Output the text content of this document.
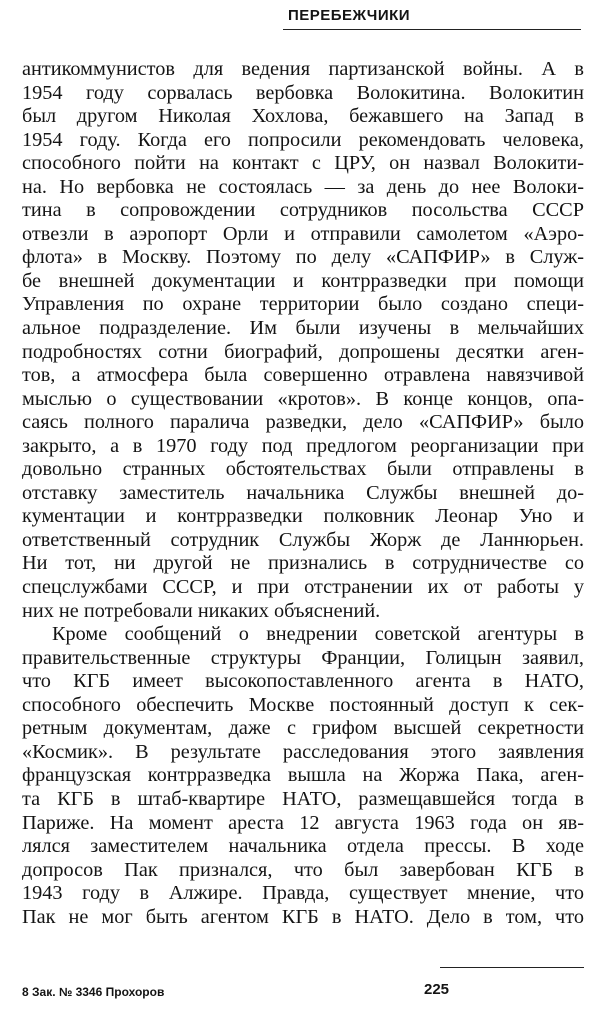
ПЕРЕБЕЖЧИКИ
антикоммунистов для ведения партизанской войны. А в
1954 году сорвалась вербовка Волокитина. Волокитин
был другом Николая Хохлова, бежавшего на Запад в
1954 году. Когда его попросили рекомендовать человека,
способного пойти на контакт с ЦРУ, он назвал Волокити-
на. Но вербовка не состоялась — за день до нее Волоки-
тина в сопровождении сотрудников посольства СССР
отвезли в аэропорт Орли и отправили самолетом «Аэро-
флота» в Москву. Поэтому по делу «САПФИР» в Служ-
бе внешней документации и контрразведки при помощи
Управления по охране территории было создано специ-
альное подразделение. Им были изучены в мельчайших
подробностях сотни биографий, допрошены десятки аген-
тов, а атмосфера была совершенно отравлена навязчивой
мыслью о существовании «кротов». В конце концов, опа-
саясь полного паралича разведки, дело «САПФИР» было
закрыто, а в 1970 году под предлогом реорганизации при
довольно странных обстоятельствах были отправлены в
отставку заместитель начальника Службы внешней до-
кументации и контрразведки полковник Леонар Уно и
ответственный сотрудник Службы Жорж де Ланнюрьен.
Ни тот, ни другой не признались в сотрудничестве со
спецслужбами СССР, и при отстранении их от работы у
них не потребовали никаких объяснений.
Кроме сообщений о внедрении советской агентуры в
правительственные структуры Франции, Голицын заявил,
что КГБ имеет высокопоставленного агента в НАТО,
способного обеспечить Москве постоянный доступ к сек-
ретным документам, даже с грифом высшей секретности
«Космик». В результате расследования этого заявления
французская контрразведка вышла на Жоржа Пака, аген-
та КГБ в штаб-квартире НАТО, размещавшейся тогда в
Париже. На момент ареста 12 августа 1963 года он яв-
лялся заместителем начальника отдела прессы. В ходе
допросов Пак признался, что был завербован КГБ в
1943 году в Алжире. Правда, существует мнение, что
Пак не мог быть агентом КГБ в НАТО. Дело в том, что
8 Зак. № 3346 Прохоров	225
